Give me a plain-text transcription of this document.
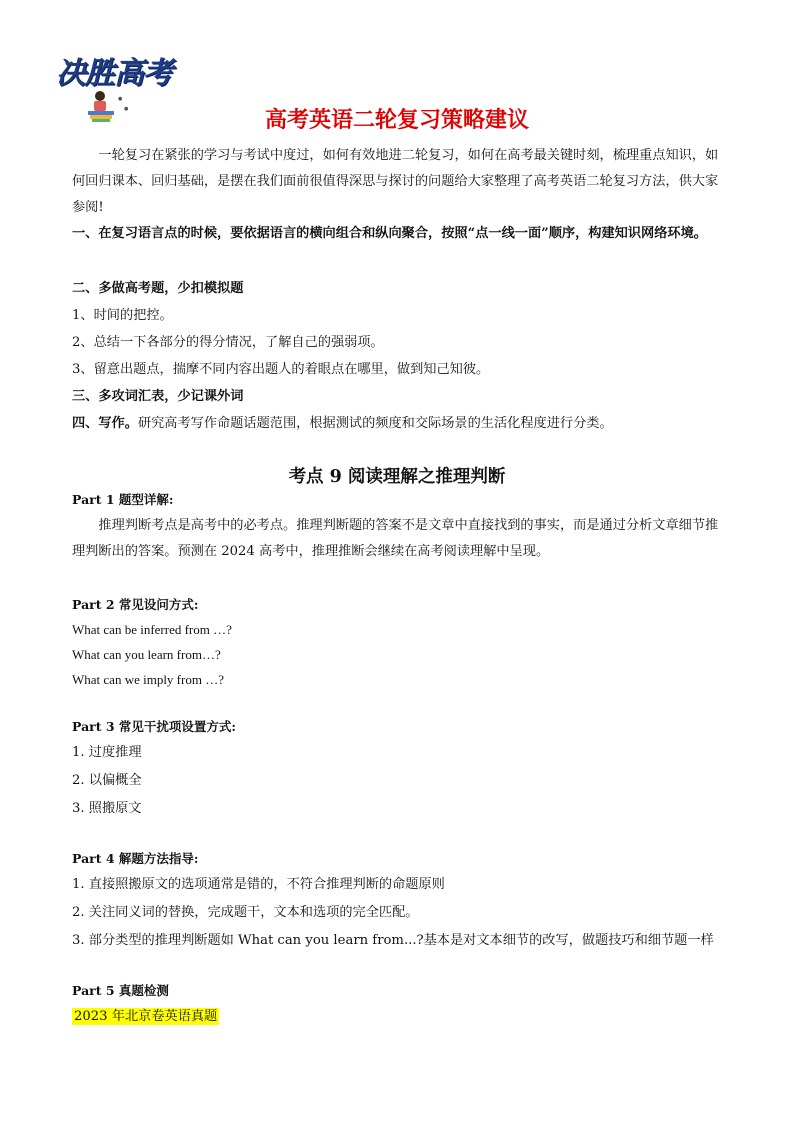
决胜高考
●
●	高考英语二轮复习策略建议

一轮复习在紧张的学习与考试中度过，如何有效地进二轮复习，如何在高考最关键时刻，梳理重点知识，如何回归课本、回归基础，是摆在我们面前很值得深思与探讨的问题给大家整理了高考英语二轮复习方法，供大家参阅!

一、在复习语言点的时候，要依据语言的横向组合和纵向聚合，按照“点一线一面”顺序，构建知识网络环境。

二、多做高考题，少扣模拟题
1、时间的把控。
2、总结一下各部分的得分情况，了解自己的强弱项。
3、留意出题点，揣摩不同内容出题人的着眼点在哪里，做到知己知彼。
三、多攻词汇表，少记课外词
四、写作。研究高考写作命题话题范围，根据测试的频度和交际场景的生活化程度进行分类。
考点 9 阅读理解之推理判断
Part 1 题型详解:

推理判断考点是高考中的必考点。推理判断题的答案不是文章中直接找到的事实，而是通过分析文章细节推理判断出的答案。预测在 2024 高考中，推理推断会继续在高考阅读理解中呈现。

Part 2 常见设问方式:
What can be inferred from …?
What can you learn from…?
What can we imply from …?
Part 3 常见干扰项设置方式:
1. 过度推理
2. 以偏概全
3. 照搬原文
Part 4 解题方法指导:
1. 直接照搬原文的选项通常是错的，不符合推理判断的命题原则
2. 关注同义词的替换，完成题干，文本和选项的完全匹配。
3. 部分类型的推理判断题如 What can you learn from...?基本是对文本细节的改写，做题技巧和细节题一样
Part 5 真题检测
2023 年北京卷英语真题
